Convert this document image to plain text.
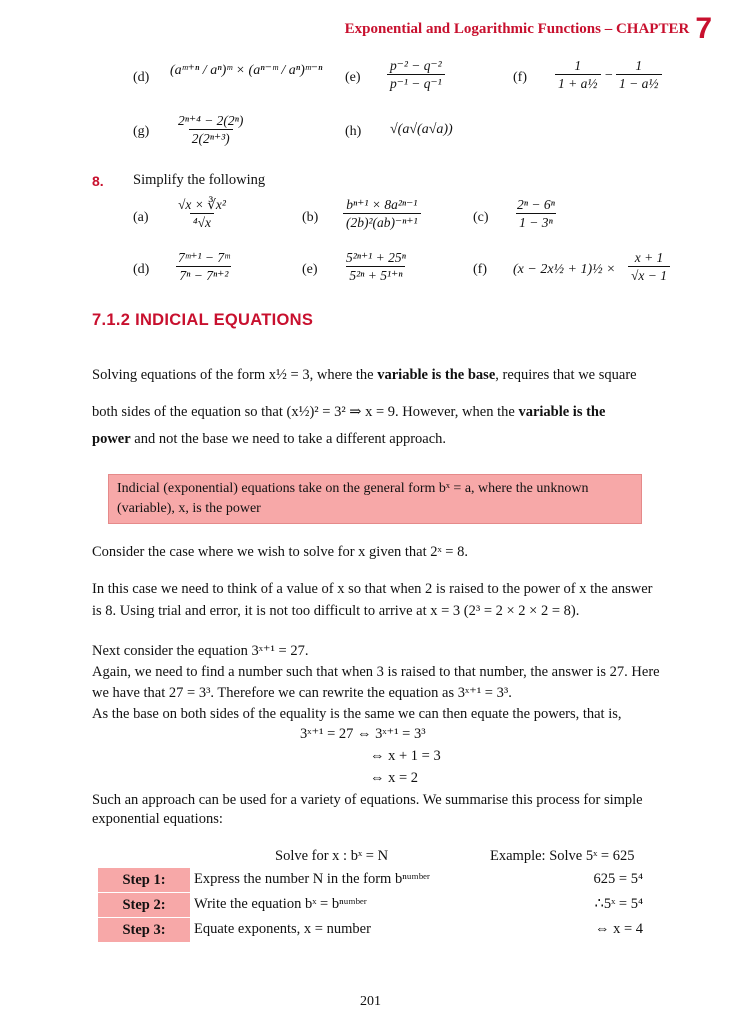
Exponential and Logarithmic Functions – CHAPTER 7
(d) (aᵐ⁺ⁿ / aⁿ)ᵐ × (aⁿ⁻ᵐ / aⁿ)ᵐ⁻ⁿ $(e) \frac{\text{p⁻² − q⁻²}}{\text{p⁻¹ − q⁻¹}}$	$(f) \frac{1}{\text{1 + a½}} - \frac{1}{\text{1 − a½}}$
$(g) \frac{\text{2ⁿ⁺⁴ − 2(2ⁿ)}}{\text{2(2ⁿ⁺³)}}$	(h) √(a√(a√a))
8. Simplify the following
$(a) \frac{\text{√x × ∛x²}}{\text{⁴√x}}$	$(b) \frac{\text{bⁿ⁺¹ × 8a²ⁿ⁻¹}}{\text{(2b)²(ab)⁻ⁿ⁺¹}}$	$(c) \frac{\text{2ⁿ − 6ⁿ}}{\text{1 − 3ⁿ}}$
$(d) \frac{\text{7ᵐ⁺¹ − 7ᵐ}}{\text{7ⁿ − 7ⁿ⁺²}}$	$(e) \frac{\text{5²ⁿ⁺¹ + 25ⁿ}}{\text{5²ⁿ + 5¹⁺ⁿ}}$	(f) (x − 2x½ + 1)½ × $\frac{x + 1}{√x - 1}$
7.1.2 INDICIAL EQUATIONS
Solving equations of the form x½ = 3, where the variable is the base, requires that we square
both sides of the equation so that (x½)² = 3² ⇒ x = 9. However, when the variable is the
power and not the base we need to take a different approach.
Indicial (exponential) equations take on the general form bˣ = a, where the unknown
(variable), x, is the power
Consider the case where we wish to solve for x given that 2ˣ = 8.
In this case we need to think of a value of x so that when 2 is raised to the power of x the answer
is 8. Using trial and error, it is not too difficult to arrive at x = 3 (2³ = 2 × 2 × 2 = 8).
Next consider the equation 3ˣ⁺¹ = 27.
Again, we need to find a number such that when 3 is raised to that number, the answer is 27. Here
we have that 27 = 3³. Therefore we can rewrite the equation as 3ˣ⁺¹ = 3³.
As the base on both sides of the equality is the same we can then equate the powers, that is,
3ˣ⁺¹ = 27 ⇔ 3ˣ⁺¹ = 3³
⇔ x + 1 = 3
⇔ x = 2
Such an approach can be used for a variety of equations. We summarise this process for simple
exponential equations:
Solve for x : bˣ = N	Example: Solve 5ˣ = 625
Step 1:	Express the number N in the form bⁿᵘᵐᵇᵉʳ	625 = 5⁴
Step 2:	Write the equation bˣ = bⁿᵘᵐᵇᵉʳ	∴5ˣ = 5⁴
Step 3:	Equate exponents, x = number	⇔ x = 4
201
